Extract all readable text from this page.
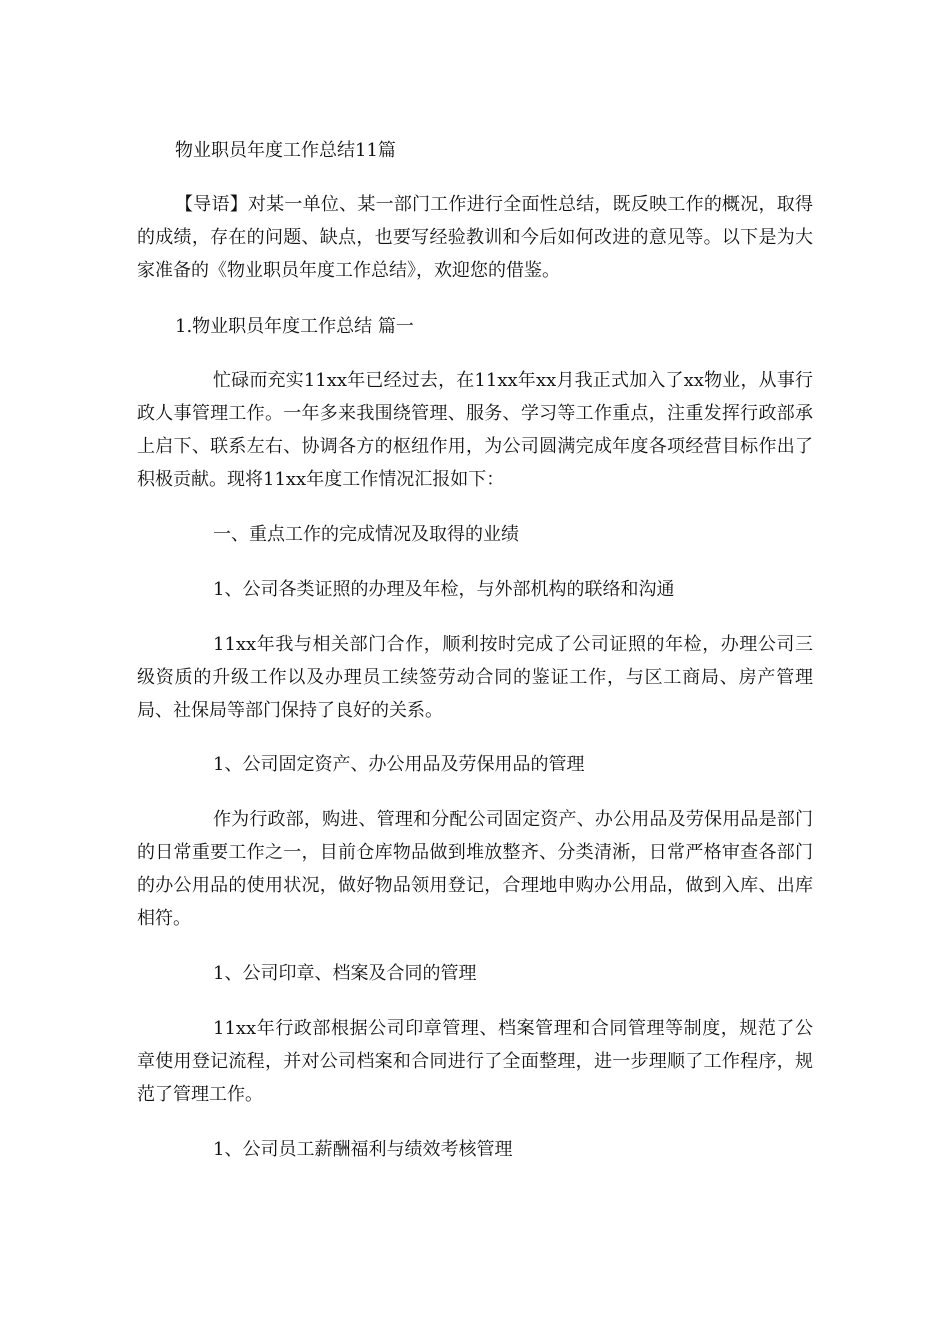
物业职员年度工作总结11篇

【导语】对某一单位、某一部门工作进行全面性总结，既反映工作的概况，取得的成绩，存在的问题、缺点，也要写经验教训和今后如何改进的意见等。以下是为大家准备的《物业职员年度工作总结》，欢迎您的借鉴。

1.物业职员年度工作总结 篇一

忙碌而充实11xx年已经过去，在11xx年xx月我正式加入了xx物业，从事行政人事管理工作。一年多来我围绕管理、服务、学习等工作重点，注重发挥行政部承上启下、联系左右、协调各方的枢纽作用，为公司圆满完成年度各项经营目标作出了积极贡献。现将11xx年度工作情况汇报如下：

一、重点工作的完成情况及取得的业绩

1、公司各类证照的办理及年检，与外部机构的联络和沟通

11xx年我与相关部门合作，顺利按时完成了公司证照的年检，办理公司三级资质的升级工作以及办理员工续签劳动合同的鉴证工作，与区工商局、房产管理局、社保局等部门保持了良好的关系。

1、公司固定资产、办公用品及劳保用品的管理

作为行政部，购进、管理和分配公司固定资产、办公用品及劳保用品是部门的日常重要工作之一，目前仓库物品做到堆放整齐、分类清淅，日常严格审查各部门的办公用品的使用状况，做好物品领用登记，合理地申购办公用品，做到入库、出库相符。

1、公司印章、档案及合同的管理

11xx年行政部根据公司印章管理、档案管理和合同管理等制度，规范了公章使用登记流程，并对公司档案和合同进行了全面整理，进一步理顺了工作程序，规范了管理工作。

1、公司员工薪酬福利与绩效考核管理
